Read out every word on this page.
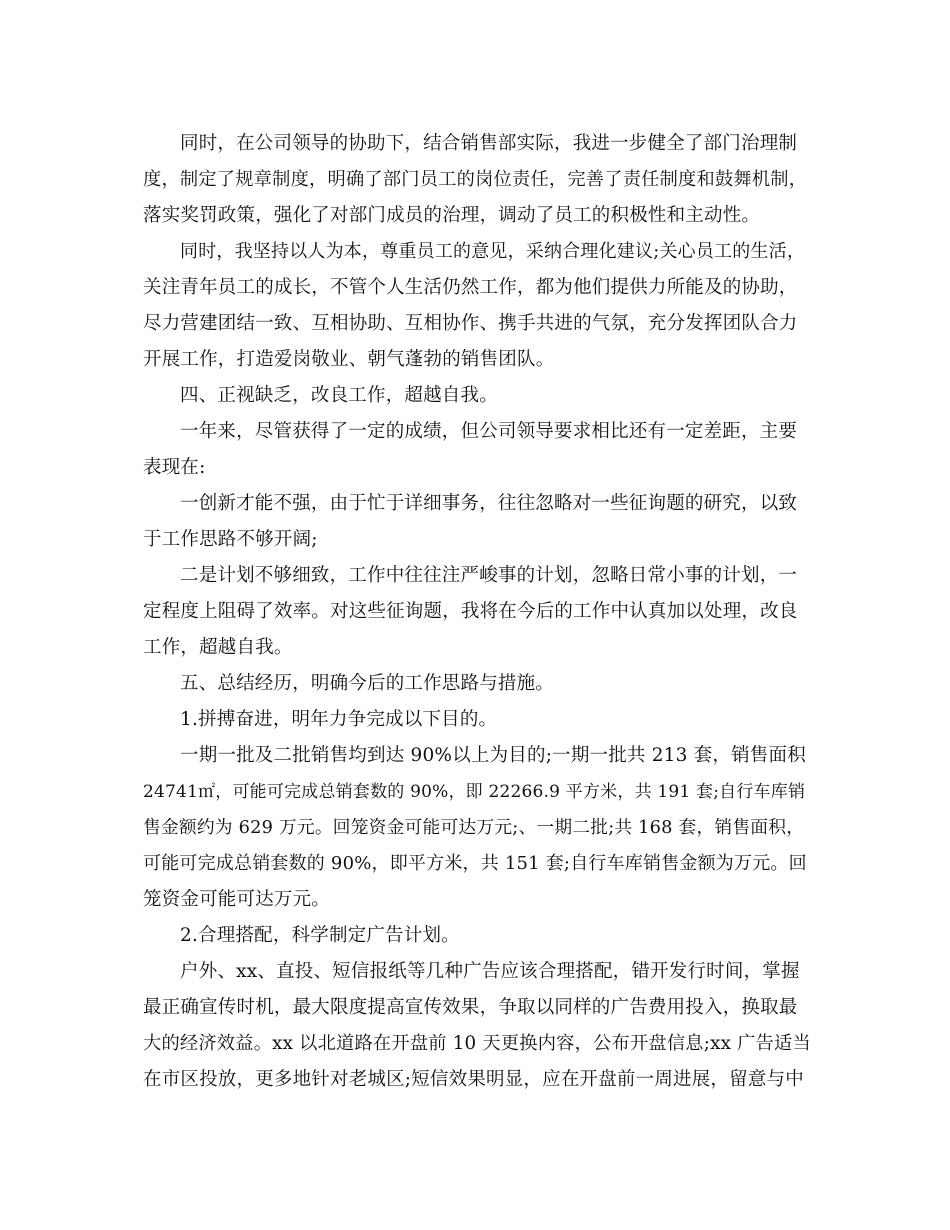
同时，在公司领导的协助下，结合销售部实际，我进一步健全了部门治理制
度，制定了规章制度，明确了部门员工的岗位责任，完善了责任制度和鼓舞机制，
落实奖罚政策，强化了对部门成员的治理，调动了员工的积极性和主动性。
同时，我坚持以人为本，尊重员工的意见，采纳合理化建议;关心员工的生活，
关注青年员工的成长，不管个人生活仍然工作，都为他们提供力所能及的协助，
尽力营建团结一致、互相协助、互相协作、携手共进的气氛，充分发挥团队合力
开展工作，打造爱岗敬业、朝气蓬勃的销售团队。
四、正视缺乏，改良工作，超越自我。
一年来，尽管获得了一定的成绩，但公司领导要求相比还有一定差距，主要
表现在:
一创新才能不强，由于忙于详细事务，往往忽略对一些征询题的研究，以致
于工作思路不够开阔;
二是计划不够细致，工作中往往注严峻事的计划，忽略日常小事的计划，一
定程度上阻碍了效率。对这些征询题，我将在今后的工作中认真加以处理，改良
工作，超越自我。
五、总结经历，明确今后的工作思路与措施。
1.拼搏奋进，明年力争完成以下目的。
一期一批及二批销售均到达 90%以上为目的;一期一批共 213 套，销售面积
24741㎡，可能可完成总销套数的 90%，即 22266.9 平方米，共 191 套;自行车库销
售金额约为 629 万元。回笼资金可能可达万元;、一期二批;共 168 套，销售面积，
可能可完成总销套数的 90%，即平方米，共 151 套;自行车库销售金额为万元。回
笼资金可能可达万元。
2.合理搭配，科学制定广告计划。
户外、xx、直投、短信报纸等几种广告应该合理搭配，错开发行时间，掌握
最正确宣传时机，最大限度提高宣传效果，争取以同样的广告费用投入，换取最
大的经济效益。xx 以北道路在开盘前 10 天更换内容，公布开盘信息;xx 广告适当
在市区投放，更多地针对老城区;短信效果明显，应在开盘前一周进展，留意与中
